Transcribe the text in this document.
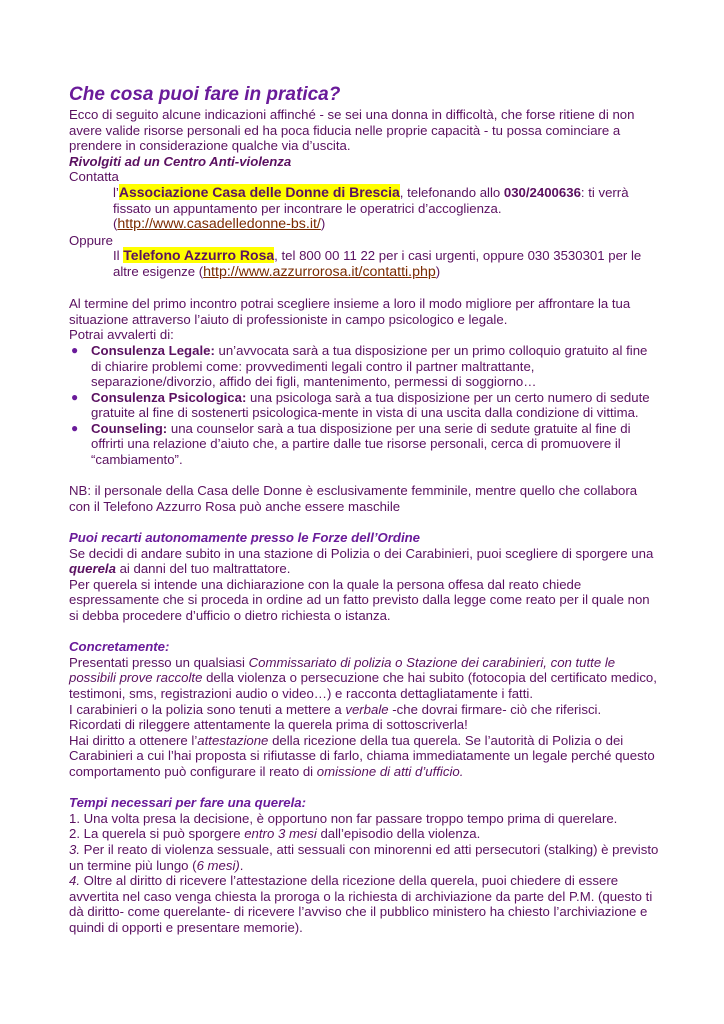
Che cosa puoi fare in pratica?
Ecco di seguito alcune indicazioni affinché - se sei una donna in difficoltà, che forse ritiene di non avere valide risorse personali ed ha poca fiducia nelle proprie capacità - tu possa cominciare a prendere in considerazione qualche via d’uscita.
Rivolgiti ad un Centro Anti-violenza
Contatta
l’Associazione Casa delle Donne di Brescia, telefonando allo 030/2400636: ti verrà fissato un appuntamento per incontrare le operatrici d’accoglienza. (http://www.casadelledonne-bs.it/)
Oppure
Il Telefono Azzurro Rosa, tel 800 00 11 22 per i casi urgenti, oppure 030 3530301 per le altre esigenze (http://www.azzurrorosa.it/contatti.php)
Al termine del primo incontro potrai scegliere insieme a loro il modo migliore per affrontare la tua situazione attraverso l’aiuto di professioniste in campo psicologico e legale.
Potrai avvalerti di:
● Consulenza Legale: un’avvocata sarà a tua disposizione per un primo colloquio gratuito al fine di chiarire problemi come: provvedimenti legali contro il partner maltrattante, separazione/divorzio, affido dei figli, mantenimento, permessi di soggiorno…
● Consulenza Psicologica: una psicologa sarà a tua disposizione per un certo numero di sedute gratuite al fine di sostenerti psicologica-mente in vista di una uscita dalla condizione di vittima.
● Counseling: una counselor sarà a tua disposizione per una serie di sedute gratuite al fine di offrirti una relazione d’aiuto che, a partire dalle tue risorse personali, cerca di promuovere il “cambiamento”.
NB: il personale della Casa delle Donne è esclusivamente femminile, mentre quello che collabora con il Telefono Azzurro Rosa può anche essere maschile
Puoi recarti autonomamente presso le Forze dell’Ordine
Se decidi di andare subito in una stazione di Polizia o dei Carabinieri, puoi scegliere di sporgere una querela ai danni del tuo maltrattatore.
Per querela si intende una dichiarazione con la quale la persona offesa dal reato chiede espressamente che si proceda in ordine ad un fatto previsto dalla legge come reato per il quale non si debba procedere d’ufficio o dietro richiesta o istanza.
Concretamente:
Presentati presso un qualsiasi Commissariato di polizia o Stazione dei carabinieri, con tutte le possibili prove raccolte della violenza o persecuzione che hai subito (fotocopia del certificato medico, testimoni, sms, registrazioni audio o video…) e racconta dettagliatamente i fatti.
I carabinieri o la polizia sono tenuti a mettere a verbale -che dovrai firmare- ciò che riferisci.
Ricordati di rileggere attentamente la querela prima di sottoscriverla!
Hai diritto a ottenere l’attestazione della ricezione della tua querela. Se l’autorità di Polizia o dei Carabinieri a cui l’hai proposta si rifiutasse di farlo, chiama immediatamente un legale perché questo comportamento può configurare il reato di omissione di atti d’ufficio.
Tempi necessari per fare una querela:
1. Una volta presa la decisione, è opportuno non far passare troppo tempo prima di querelare.
2. La querela si può sporgere entro 3 mesi dall’episodio della violenza.
3. Per il reato di violenza sessuale, atti sessuali con minorenni ed atti persecutori (stalking) è previsto un termine più lungo (6 mesi).
4. Oltre al diritto di ricevere l’attestazione della ricezione della querela, puoi chiedere di essere avvertita nel caso venga chiesta la proroga o la richiesta di archiviazione da parte del P.M. (questo ti dà diritto- come querelante- di ricevere l’avviso che il pubblico ministero ha chiesto l’archiviazione e quindi di opporti e presentare memorie).
